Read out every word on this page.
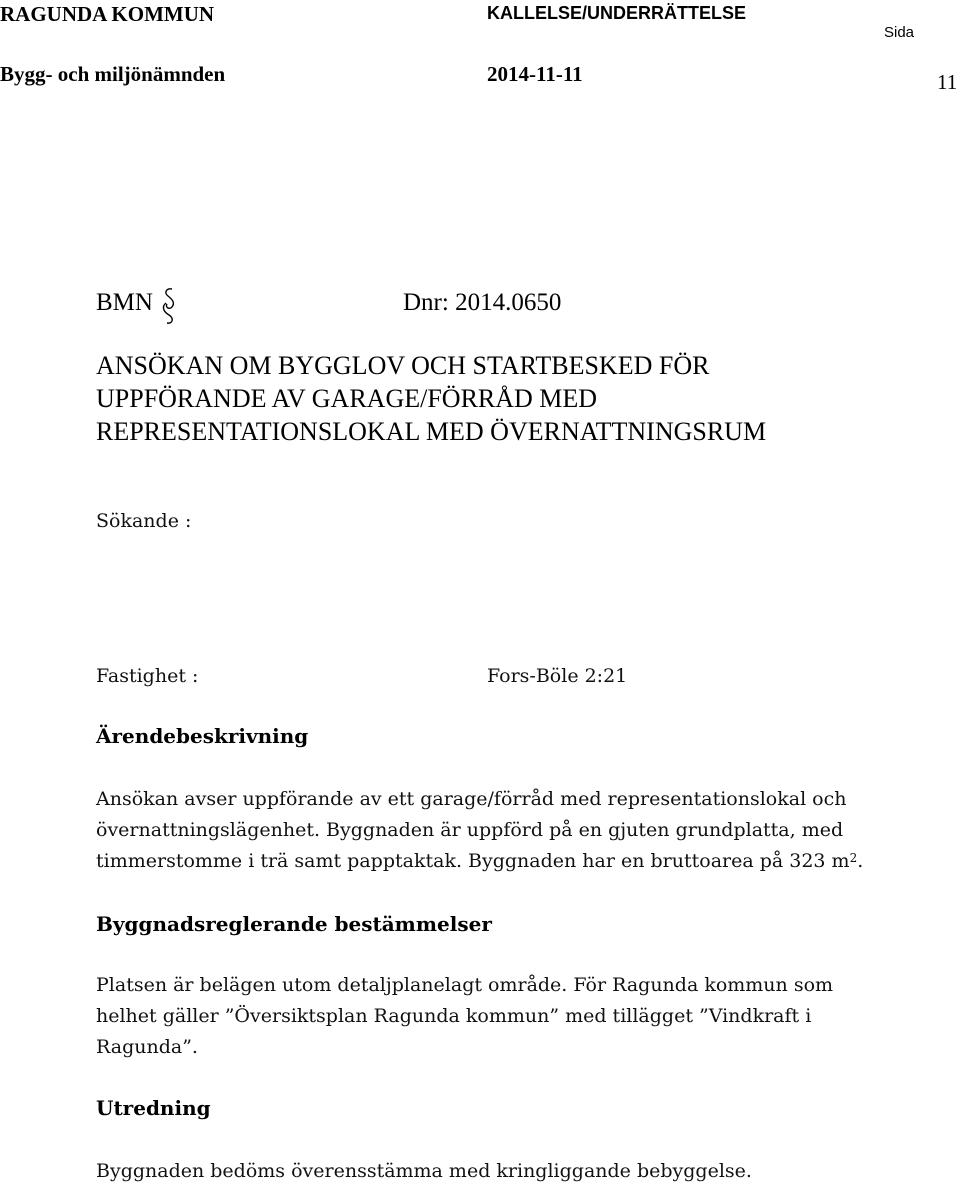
RAGUNDA KOMMUN	KALLELSE/UNDERRÄTTELSE
Sida
Bygg- och miljönämnden	2014-11-11	11
BMN	Dnr: 2014.0650
ANSÖKAN OM BYGGLOV OCH STARTBESKED FÖR
UPPFÖRANDE AV GARAGE/FÖRRÅD MED
REPRESENTATIONSLOKAL MED ÖVERNATTNINGSRUM
Sökande :
Fastighet :	Fors-Böle 2:21
Ärendebeskrivning
Ansökan avser uppförande av ett garage/förråd med representationslokal och
övernattningslägenhet. Byggnaden är uppförd på en gjuten grundplatta, med
timmerstomme i trä samt papptaktak. Byggnaden har en bruttoarea på 323 $m^2$.
Byggnadsreglerande bestämmelser
Platsen är belägen utom detaljplanelagt område. För Ragunda kommun som
helhet gäller ”Översiktsplan Ragunda kommun” med tillägget ”Vindkraft i
Ragunda”.
Utredning
Byggnaden bedöms överensstämma med kringliggande bebyggelse.
